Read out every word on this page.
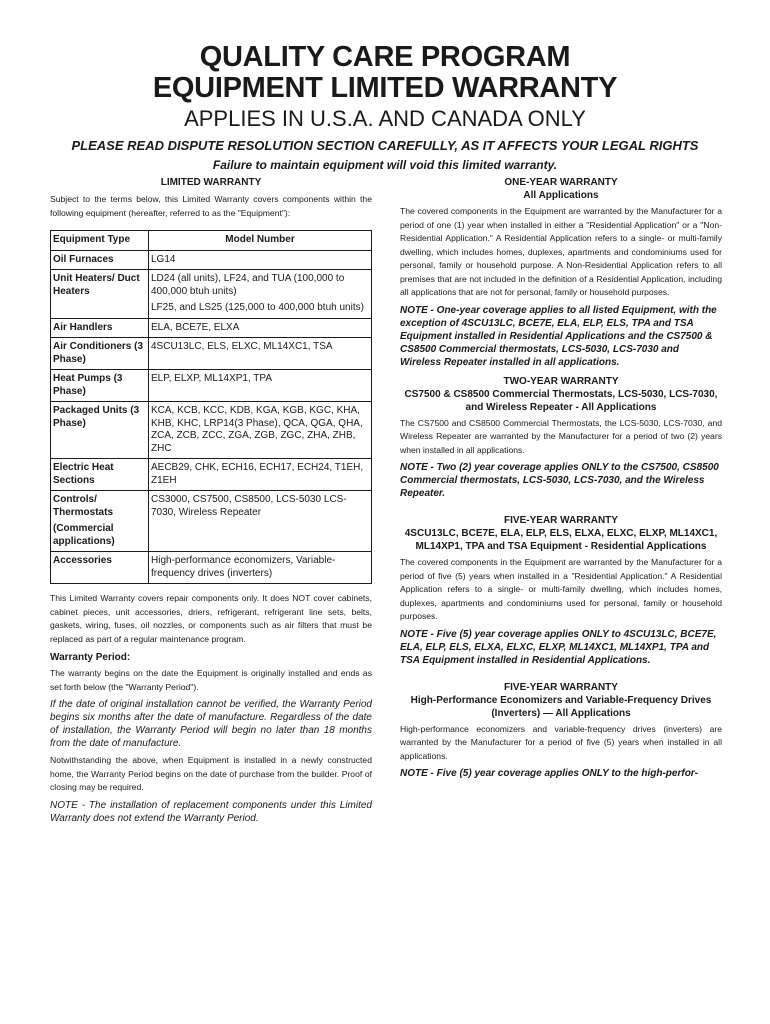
QUALITY CARE PROGRAM
EQUIPMENT LIMITED WARRANTY
APPLIES IN U.S.A. AND CANADA ONLY
PLEASE READ DISPUTE RESOLUTION SECTION CAREFULLY, AS IT AFFECTS YOUR LEGAL RIGHTS
Failure to maintain equipment will void this limited warranty.
LIMITED WARRANTY

Subject to the terms below, this Limited Warranty covers components within the following equipment (hereafter, referred to as the "Equipment"):

Equipment Type	Model Number
Oil Furnaces	LG14

Unit Heaters/ Duct Heaters	LD24 (all units), LF24, and TUA (100,000 to 400,000 btuh units)
LF25, and LS25 (125,000 to 400,000 btuh units)

Air Handlers	ELA, BCE7E, ELXA

Air Conditioners (3 Phase)	4SCU13LC, ELS, ELXC, ML14XC1, TSA

Heat Pumps (3 Phase)	ELP, ELXP, ML14XP1, TPA

Packaged Units (3 Phase)	KCA, KCB, KCC, KDB, KGA, KGB, KGC, KHA, KHB, KHC, LRP14(3 Phase), QCA, QGA, QHA, ZCA, ZCB, ZCC, ZGA, ZGB, ZGC, ZHA, ZHB, ZHC

Electric Heat Sections	AECB29, CHK, ECH16, ECH17, ECH24, T1EH, Z1EH

Controls/ Thermostats
(Commercial applications)	CS3000, CS7500, CS8500, LCS-5030 LCS-7030, Wireless Repeater

Accessories	High-performance economizers, Variable-frequency drives (inverters)

This Limited Warranty covers repair components only. It does NOT cover cabinets, cabinet pieces, unit accessories, driers, refrigerant, refrigerant line sets, belts, gaskets, wiring, fuses, oil nozzles, or components such as air filters that must be replaced as part of a regular maintenance program.

Warranty Period:

The warranty begins on the date the Equipment is originally installed and ends as set forth below (the "Warranty Period").

If the date of original installation cannot be verified, the Warranty Period begins six months after the date of manufacture. Regardless of the date of installation, the Warranty Period will begin no later than 18 months from the date of manufacture.

Notwithstanding the above, when Equipment is installed in a newly constructed home, the Warranty Period begins on the date of purchase from the builder. Proof of closing may be required.

NOTE - The installation of replacement components under this Limited Warranty does not extend the Warranty Period.

ONE-YEAR WARRANTY
All Applications

The covered components in the Equipment are warranted by the Manufacturer for a period of one (1) year when installed in either a "Residential Application" or a "Non-Residential Application." A Residential Application refers to a single- or multi-family dwelling, which includes homes, duplexes, apartments and condominiums used for personal, family or household purpose. A Non-Residential Application refers to all premises that are not included in the definition of a Residential Application, including all applications that are not for personal, family or household purposes.

NOTE - One-year coverage applies to all listed Equipment, with the exception of 4SCU13LC, BCE7E, ELA, ELP, ELS, TPA and TSA Equipment installed in Residential Applications and the CS7500 & CS8500 Commercial thermostats, LCS-5030, LCS-7030 and Wireless Repeater installed in all applications.

TWO-YEAR WARRANTY
CS7500 & CS8500 Commercial Thermostats, LCS-5030, LCS-7030, and Wireless Repeater - All Applications

The CS7500 and CS8500 Commercial Thermostats, the LCS-5030, LCS-7030, and Wireless Repeater are warranted by the Manufacturer for a period of two (2) years when installed in all applications.

NOTE - Two (2) year coverage applies ONLY to the CS7500, CS8500 Commercial thermostats, LCS-5030, LCS-7030, and the Wireless Repeater.

FIVE-YEAR WARRANTY
4SCU13LC, BCE7E, ELA, ELP, ELS, ELXA, ELXC, ELXP, ML14XC1, ML14XP1, TPA and TSA Equipment - Residential Applications

The covered components in the Equipment are warranted by the Manufacturer for a period of five (5) years when installed in a "Residential Application." A Residential Application refers to a single- or multi-family dwelling, which includes homes, duplexes, apartments and condominiums used for personal, family or household purposes.

NOTE - Five (5) year coverage applies ONLY to 4SCU13LC, BCE7E, ELA, ELP, ELS, ELXA, ELXC, ELXP, ML14XC1, ML14XP1, TPA and TSA Equipment installed in Residential Applications.

FIVE-YEAR WARRANTY
High-Performance Economizers and Variable-Frequency Drives (Inverters) — All Applications

High-performance economizers and variable-frequency drives (inverters) are warranted by the Manufacturer for a period of five (5) years when installed in all applications.

NOTE - Five (5) year coverage applies ONLY to the high-perfor-
